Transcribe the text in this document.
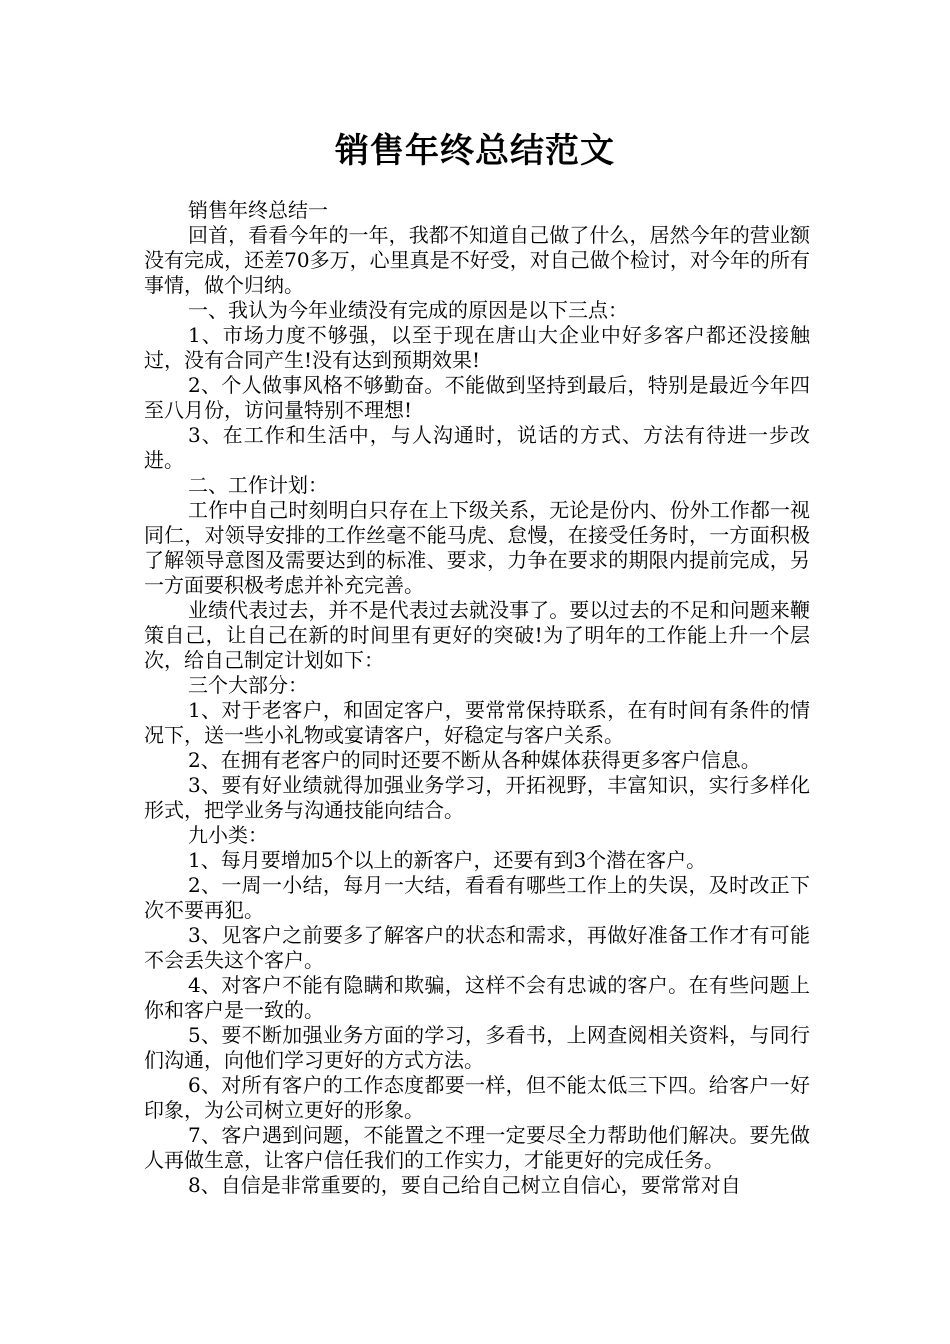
销售年终总结范文

销售年终总结一

回首，看看今年的一年，我都不知道自己做了什么，居然今年的营业额没有完成，还差70多万，心里真是不好受，对自己做个检讨，对今年的所有事情，做个归纳。

一、我认为今年业绩没有完成的原因是以下三点：

1、市场力度不够强，以至于现在唐山大企业中好多客户都还没接触过，没有合同产生!没有达到预期效果!

2、个人做事风格不够勤奋。不能做到坚持到最后，特别是最近今年四至八月份，访问量特别不理想!

3、在工作和生活中，与人沟通时，说话的方式、方法有待进一步改进。

二、工作计划：

工作中自己时刻明白只存在上下级关系，无论是份内、份外工作都一视同仁，对领导安排的工作丝毫不能马虎、怠慢，在接受任务时，一方面积极了解领导意图及需要达到的标准、要求，力争在要求的期限内提前完成，另一方面要积极考虑并补充完善。

业绩代表过去，并不是代表过去就没事了。要以过去的不足和问题来鞭策自己，让自己在新的时间里有更好的突破!为了明年的工作能上升一个层次，给自己制定计划如下：

三个大部分：

1、对于老客户，和固定客户，要常常保持联系，在有时间有条件的情况下，送一些小礼物或宴请客户，好稳定与客户关系。

2、在拥有老客户的同时还要不断从各种媒体获得更多客户信息。

3、要有好业绩就得加强业务学习，开拓视野，丰富知识，实行多样化形式，把学业务与沟通技能向结合。

九小类：

1、每月要增加5个以上的新客户，还要有到3个潜在客户。

2、一周一小结，每月一大结，看看有哪些工作上的失误，及时改正下次不要再犯。

3、见客户之前要多了解客户的状态和需求，再做好准备工作才有可能不会丢失这个客户。

4、对客户不能有隐瞒和欺骗，这样不会有忠诚的客户。在有些问题上你和客户是一致的。

5、要不断加强业务方面的学习，多看书，上网查阅相关资料，与同行们沟通，向他们学习更好的方式方法。

6、对所有客户的工作态度都要一样，但不能太低三下四。给客户一好印象，为公司树立更好的形象。

7、客户遇到问题，不能置之不理一定要尽全力帮助他们解决。要先做人再做生意，让客户信任我们的工作实力，才能更好的完成任务。

8、自信是非常重要的，要自己给自己树立自信心，要常常对自
